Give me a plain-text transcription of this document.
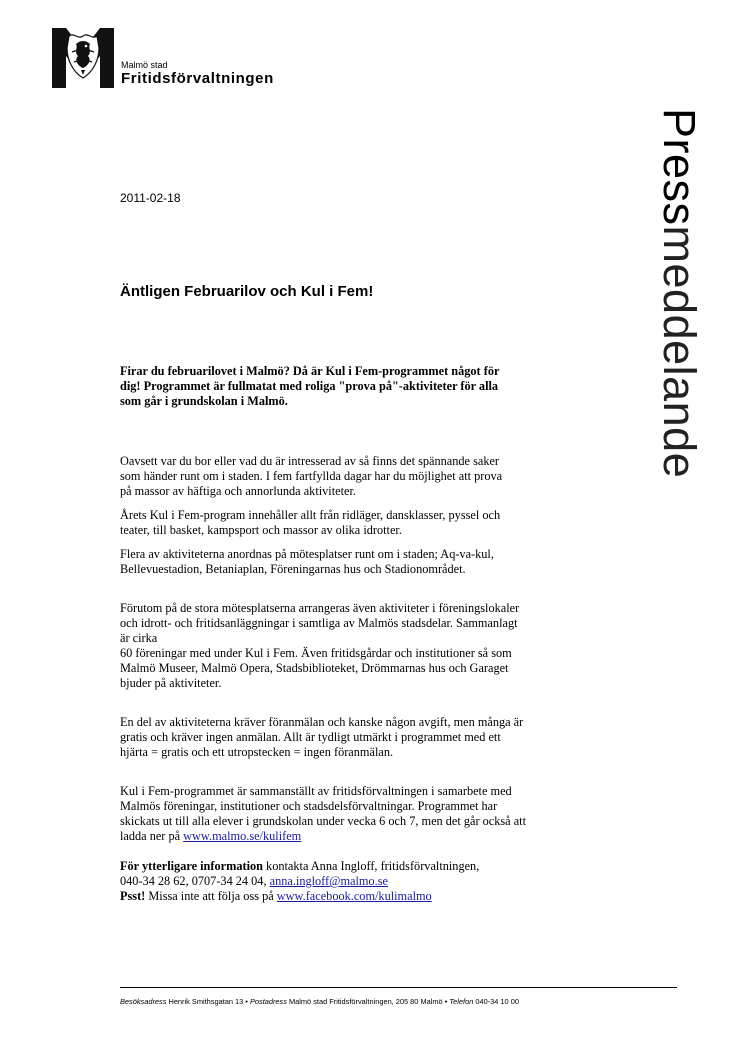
Malmö stad
Fritidsförvaltningen
Pressmeddelande
2011-02-18
Äntligen Februarilov och Kul i Fem!

Firar du februarilovet i Malmö? Då är Kul i Fem-programmet något för
dig! Programmet är fullmatat med roliga "prova på"-aktiviteter för alla
som går i grundskolan i Malmö.

Oavsett var du bor eller vad du är intresserad av så finns det spännande saker
som händer runt om i staden. I fem fartfyllda dagar har du möjlighet att prova
på massor av häftiga och annorlunda aktiviteter.

Årets Kul i Fem-program innehåller allt från ridläger, dansklasser, pyssel och
teater, till basket, kampsport och massor av olika idrotter.

Flera av aktiviteterna anordnas på mötesplatser runt om i staden; Aq-va-kul,
Bellevuestadion, Betaniaplan, Föreningarnas hus och Stadionområdet.

Förutom på de stora mötesplatserna arrangeras även aktiviteter i föreningslokaler
och idrott- och fritidsanläggningar i samtliga av Malmös stadsdelar. Sammanlagt
är cirka
60 föreningar med under Kul i Fem. Även fritidsgårdar och institutioner så som
Malmö Museer, Malmö Opera, Stadsbiblioteket, Drömmarnas hus och Garaget
bjuder på aktiviteter.

En del av aktiviteterna kräver föranmälan och kanske någon avgift, men många är
gratis och kräver ingen anmälan. Allt är tydligt utmärkt i programmet med ett
hjärta = gratis och ett utropstecken = ingen föranmälan.

Kul i Fem-programmet är sammanställt av fritidsförvaltningen i samarbete med
Malmös föreningar, institutioner och stadsdelsförvaltningar. Programmet har
skickats ut till alla elever i grundskolan under vecka 6 och 7, men det går också att
ladda ner på www.malmo.se/kulifem

För ytterligare information kontakta Anna Ingloff, fritidsförvaltningen,
040-34 28 62, 0707-34 24 04, anna.ingloff@malmo.se
Psst! Missa inte att följa oss på www.facebook.com/kulimalmo

Besöksadress Henrik Smithsgatan 13 • Postadress Malmö stad Fritidsförvaltningen, 205 80 Malmö • Telefon 040-34 10 00
